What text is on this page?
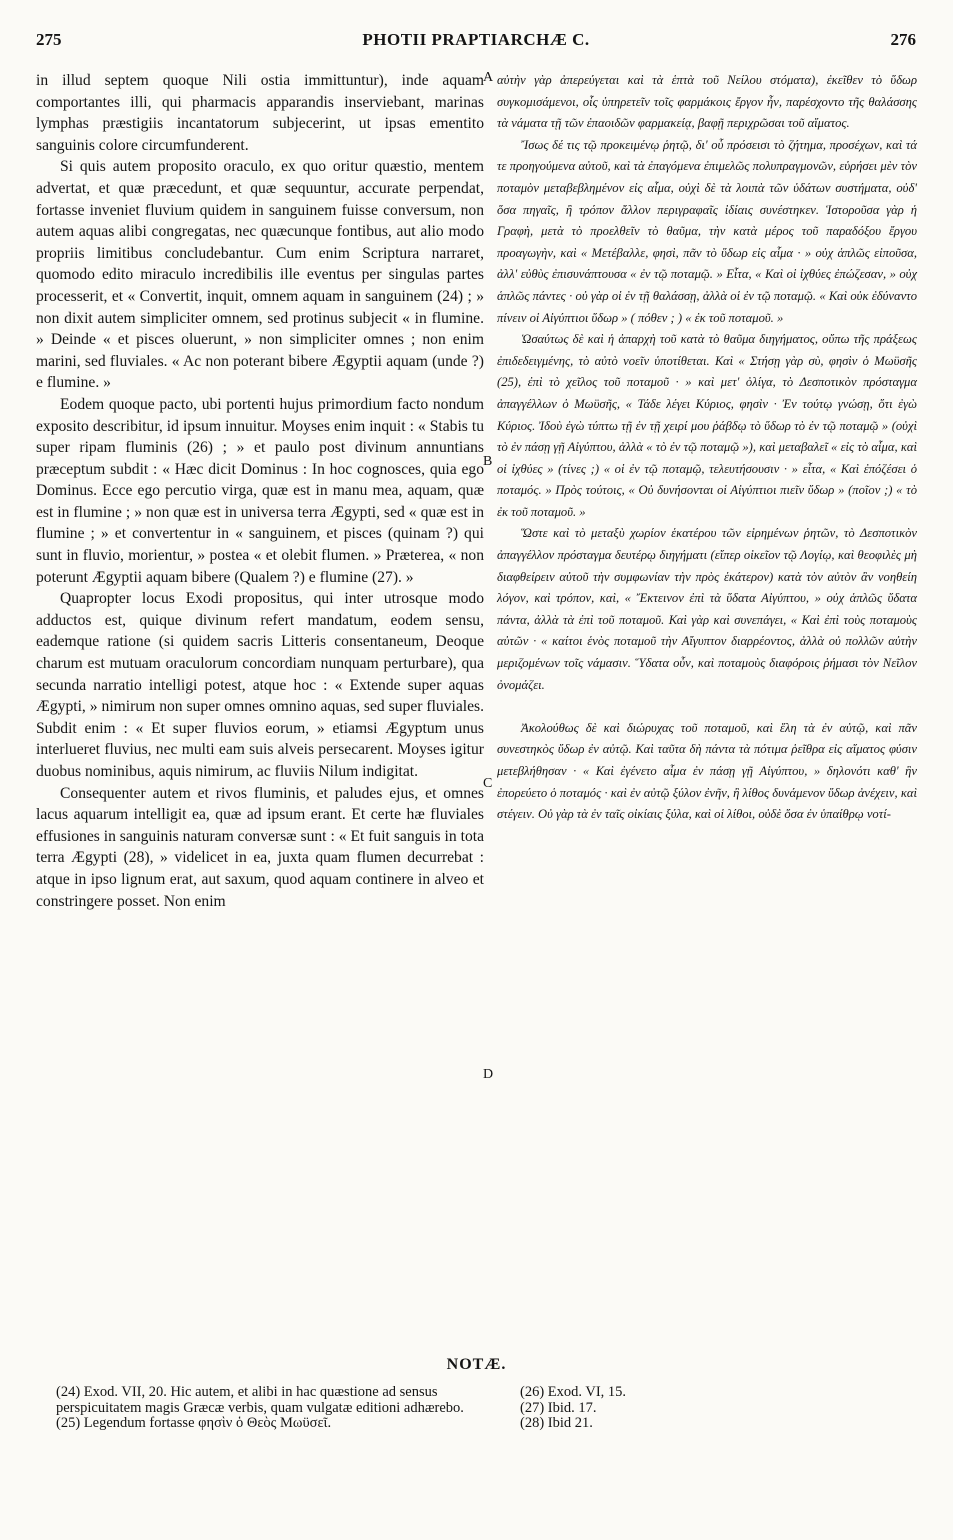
275	PHOTII PRAPTIARCHÆ C.	276

in illud septem quoque Nili ostia immittuntur), inde aquam comportantes illi, qui pharmacis apparandis inserviebant, marinas lymphas præstigiis incantatorum subjecerint, ut ipsas ementito sanguinis colore circumfunderent.

Si quis autem proposito oraculo, ex quo oritur quæstio, mentem advertat, et quæ præcedunt, et quæ sequuntur, accurate perpendat, fortasse inveniet fluvium quidem in sanguinem fuisse conversum, non autem aquas alibi congregatas, nec quæcunque fontibus, aut alio modo propriis limitibus concludebantur. Cum enim Scriptura narraret, quomodo edito miraculo incredibilis ille eventus per singulas partes processerit, et « Convertit, inquit, omnem aquam in sanguinem (24) ; » non dixit autem simpliciter omnem, sed protinus subjecit « in flumine. » Deinde « et pisces oluerunt, » non simpliciter omnes ; non enim marini, sed fluviales. « Ac non poterant bibere Ægyptii aquam (unde ?) e flumine. »

Eodem quoque pacto, ubi portenti hujus primordium facto nondum exposito describitur, id ipsum innuitur. Moyses enim inquit : « Stabis tu super ripam fluminis (26) ; » et paulo post divinum annuntians præceptum subdit : « Hæc dicit Dominus : In hoc cognosces, quia ego Dominus. Ecce ego percutio virga, quæ est in manu mea, aquam, quæ est in flumine ; » non quæ est in universa terra Ægypti, sed « quæ est in flumine ; » et convertentur in « sanguinem, et pisces (quinam ?) qui sunt in fluvio, morientur, » postea « et olebit flumen. » Præterea, « non poterunt Ægyptii aquam bibere (Qualem ?) e flumine (27). »

Quapropter locus Exodi propositus, qui inter utrosque modo adductos est, quique divinum refert mandatum, eodem sensu, eademque ratione (si quidem sacris Litteris consentaneum, Deoque charum est mutuam oraculorum concordiam nunquam perturbare), qua secunda narratio intelligi potest, atque hoc : « Extende super aquas Ægypti, » nimirum non super omnes omnino aquas, sed super fluviales. Subdit enim : « Et super fluvios eorum, » etiamsi Ægyptum unus interlueret fluvius, nec multi eam suis alveis persecarent. Moyses igitur duobus nominibus, aquis nimirum, ac fluviis Nilum indigitat.

Consequenter autem et rivos fluminis, et paludes ejus, et omnes lacus aquarum intelligit ea, quæ ad ipsum erant. Et certe hæ fluviales effusiones in sanguinis naturam conversæ sunt : « Et fuit sanguis in tota terra Ægypti (28), » videlicet in ea, juxta quam flumen decurrebat : atque in ipso lignum erat, aut saxum, quod aquam continere in alveo et constringere posset. Non enim

αὐτὴν γὰρ ἀπερεύγεται καὶ τὰ ἑπτὰ τοῦ Νείλου στόματα), ἐκεῖθεν τὸ ὕδωρ συγκομισάμενοι, οἷς ὑπηρετεῖν τοῖς φαρμάκοις ἔργον ἦν, παρέσχοντο τῆς θαλάσσης τὰ νάματα τῇ τῶν ἐπαοιδῶν φαρμακείᾳ, βαφῇ περιχρῶσαι τοῦ αἵματος.

Ἴσως δέ τις τῷ προκειμένῳ ῥητῷ, δι' οὗ πρόσεισι τὸ ζήτημα, προσέχων, καὶ τά τε προηγούμενα αὐτοῦ, καὶ τὰ ἐπαγόμενα ἐπιμελῶς πολυπραγμονῶν, εὑρήσει μὲν τὸν ποταμὸν μεταβεβλημένον εἰς αἷμα, οὐχὶ δὲ τὰ λοιπὰ τῶν ὑδάτων συστήματα, οὐδ' ὅσα πηγαῖς, ἢ τρόπον ἄλλον περιγραφαῖς ἰδίαις συνέστηκεν. Ἱστοροῦσα γὰρ ἡ Γραφὴ, μετὰ τὸ προελθεῖν τὸ θαῦμα, τὴν κατὰ μέρος τοῦ παραδόξου ἔργου προαγωγὴν, καὶ « Μετέβαλλε, φησὶ, πᾶν τὸ ὕδωρ εἰς αἷμα · » οὐχ ἁπλῶς εἰποῦσα, ἀλλ' εὐθὺς ἐπισυνάπτουσα « ἐν τῷ ποταμῷ. » Εἶτα, « Καὶ οἱ ἰχθύες ἐπώζεσαν, » οὐχ ἁπλῶς πάντες · οὐ γὰρ οἱ ἐν τῇ θαλάσσῃ, ἀλλὰ οἱ ἐν τῷ ποταμῷ. « Καὶ οὐκ ἐδύναντο πίνειν οἱ Αἰγύπτιοι ὕδωρ » ( πόθεν ; ) « ἐκ τοῦ ποταμοῦ. »

Ὡσαύτως δὲ καὶ ἡ ἀπαρχὴ τοῦ κατὰ τὸ θαῦμα διηγήματος, οὔπω τῆς πράξεως ἐπιδεδειγμένης, τὸ αὐτὸ νοεῖν ὑποτίθεται. Καὶ « Στήσῃ γὰρ σὺ, φησὶν ὁ Μωϋσῆς (25), ἐπὶ τὸ χεῖλος τοῦ ποταμοῦ · » καὶ μετ' ὀλίγα, τὸ Δεσποτικὸν πρόσταγμα ἀπαγγέλλων ὁ Μωϋσῆς, « Τάδε λέγει Κύριος, φησὶν · Ἐν τούτῳ γνώσῃ, ὅτι ἐγὼ Κύριος. Ἰδοὺ ἐγὼ τύπτω τῇ ἐν τῇ χειρί μου ῥάβδῳ τὸ ὕδωρ τὸ ἐν τῷ ποταμῷ » (οὐχὶ τὸ ἐν πάσῃ γῇ Αἰγύπτου, ἀλλὰ « τὸ ἐν τῷ ποταμῷ »), καὶ μεταβαλεῖ « εἰς τὸ αἷμα, καὶ οἱ ἰχθύες » (τίνες ;) « οἱ ἐν τῷ ποταμῷ, τελευτήσουσιν · » εἶτα, « Καὶ ἐπόζέσει ὁ ποταμός. » Πρὸς τούτοις, « Οὐ δυνήσονται οἱ Αἰγύπτιοι πιεῖν ὕδωρ » (ποῖον ;) « τὸ ἐκ τοῦ ποταμοῦ. »

Ὥστε καὶ τὸ μεταξὺ χωρίον ἑκατέρου τῶν εἰρημένων ῥητῶν, τὸ Δεσποτικὸν ἀπαγγέλλον πρόσταγμα δευτέρῳ διηγήματι (εἴπερ οἰκεῖον τῷ Λογίῳ, καὶ θεοφιλὲς μὴ διαφθείρειν αὐτοῦ τὴν συμφωνίαν τὴν πρὸς ἑκάτερον) κατὰ τὸν αὐτὸν ἂν νοηθείη λόγον, καὶ τρόπον, καὶ, « Ἔκτεινον ἐπὶ τὰ ὕδατα Αἰγύπτου, » οὐχ ἁπλῶς ὕδατα πάντα, ἀλλὰ τὰ ἐπὶ τοῦ ποταμοῦ. Καὶ γὰρ καὶ συνεπάγει, « Καὶ ἐπὶ τοὺς ποταμοὺς αὐτῶν · « καίτοι ἑνὸς ποταμοῦ τὴν Αἴγυπτον διαρρέοντος, ἀλλὰ οὐ πολλῶν αὐτὴν μεριζομένων τοῖς νάμασιν. Ὕδατα οὖν, καὶ ποταμοὺς διαφόροις ῥήμασι τὸν Νεῖλον ὀνομάζει.

Ἀκολούθως δὲ καὶ διώρυχας τοῦ ποταμοῦ, καὶ ἕλη τὰ ἐν αὐτῷ, καὶ πᾶν συνεστηκὸς ὕδωρ ἐν αὐτῷ. Καὶ ταῦτα δὴ πάντα τὰ πότιμα ῥεῖθρα εἰς αἵματος φύσιν μετεβλήθησαν · « Καὶ ἐγένετο αἷμα ἐν πάσῃ γῇ Αἰγύπτου, » δηλονότι καθ' ἣν ἐπορεύετο ὁ ποταμός · καὶ ἐν αὐτῷ ξύλον ἐνῆν, ἢ λίθος δυνάμενον ὕδωρ ἀνέχειν, καὶ στέγειν. Οὐ γὰρ τὰ ἐν ταῖς οἰκίαις ξύλα, καὶ οἱ λίθοι, οὐδὲ ὅσα ἐν ὑπαίθρῳ νοτί-

A
B
C
D
NOTÆ.

(24) Exod. VII, 20. Hic autem, et alibi in hac quæstione ad sensus perspicuitatem magis Græcæ verbis, quam vulgatæ editioni adhærebo.

(25) Legendum fortasse φησὶν ὁ Θεὸς Μωϋσεῖ.

(26) Exod. VI, 15.

(27) Ibid. 17.

(28) Ibid 21.
